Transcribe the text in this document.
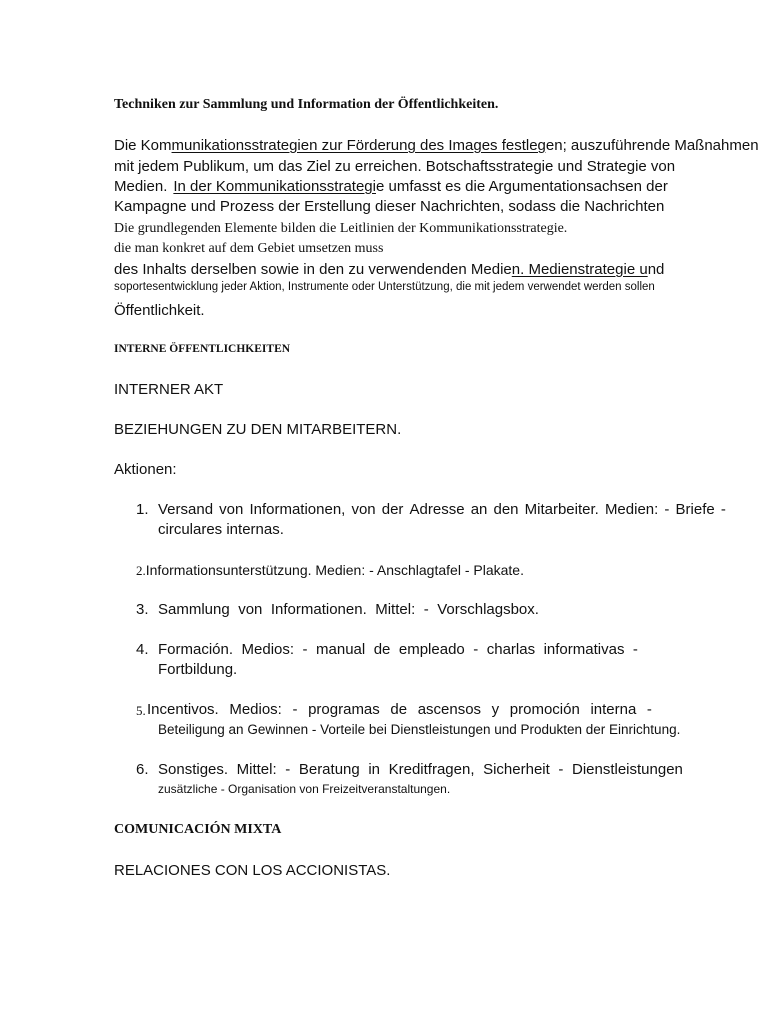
Techniken zur Sammlung und Information der Öffentlichkeiten.
Die Kommunikationsstrategien zur Förderung des Images festlegen; auszuführende Maßnahmen
mit jedem Publikum, um das Ziel zu erreichen. Botschaftsstrategie und Strategie von
Medien. In der Kommunikationsstrategie umfasst es die Argumentationsachsen der
Kampagne und Prozess der Erstellung dieser Nachrichten, sodass die Nachrichten
Die grundlegenden Elemente bilden die Leitlinien der Kommunikationsstrategie.
die man konkret auf dem Gebiet umsetzen muss
des Inhalts derselben sowie in den zu verwendenden Medien. Medienstrategie und
soportesentwicklung jeder Aktion, Instrumente oder Unterstützung, die mit jedem verwendet werden sollen
Öffentlichkeit.
INTERNE ÖFFENTLICHKEITEN
INTERNER AKT
BEZIEHUNGEN ZU DEN MITARBEITERN.
Aktionen:
1. Versand von Informationen, von der Adresse an den Mitarbeiter. Medien: - Briefe -
circulares internas.
2.Informationsunterstützung. Medien: - Anschlagtafel - Plakate.
3. Sammlung von Informationen. Mittel: - Vorschlagsbox.
4. Formación. Medios: - manual de empleado - charlas informativas -
Fortbildung.
5. Incentivos. Medios: - programas de ascensos y promoción interna -
Beteiligung an Gewinnen - Vorteile bei Dienstleistungen und Produkten der Einrichtung.
6. Sonstiges. Mittel: - Beratung in Kreditfragen, Sicherheit - Dienstleistungen
zusätzliche - Organisation von Freizeitveranstaltungen.
COMUNICACIÓN MIXTA
RELACIONES CON LOS ACCIONISTAS.
